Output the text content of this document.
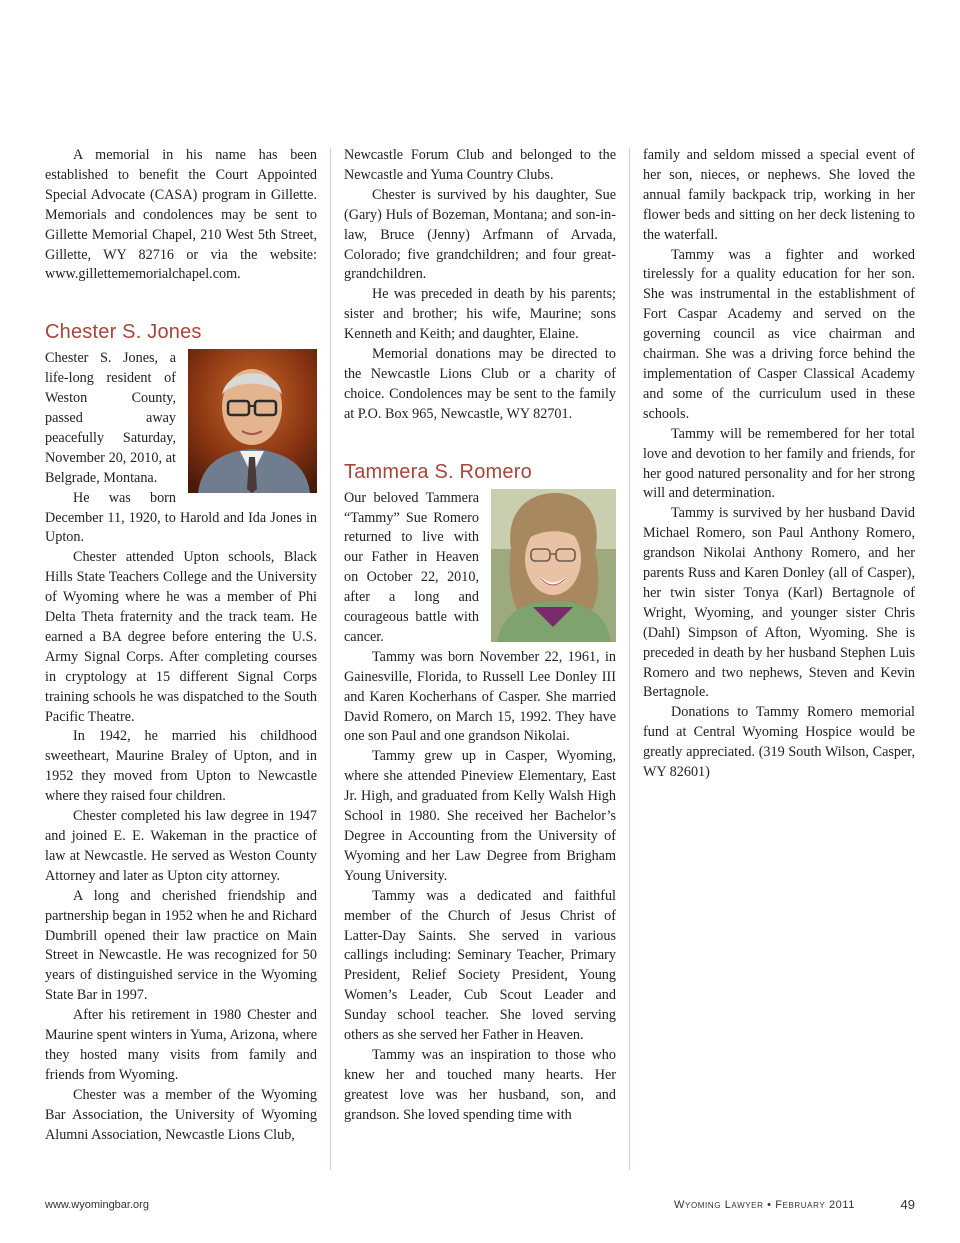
A memorial in his name has been established to benefit the Court Appointed Special Advocate (CASA) program in Gillette. Memorials and condolences may be sent to Gillette Memorial Chapel, 210 West 5th Street, Gillette, WY 82716 or via the website: www.gillettememorialchapel.com.

Chester S. Jones

Chester S. Jones, a life-long resident of Weston County, passed away peacefully Saturday, November 20, 2010, at Belgrade, Montana.

He was born December 11, 1920, to Harold and Ida Jones in Upton.

Chester attended Upton schools, Black Hills State Teachers College and the University of Wyoming where he was a member of Phi Delta Theta fraternity and the track team. He earned a BA degree before entering the U.S. Army Signal Corps. After completing courses in cryptology at 15 different Signal Corps training schools he was dispatched to the South Pacific Theatre.

In 1942, he married his childhood sweetheart, Maurine Braley of Upton, and in 1952 they moved from Upton to Newcastle where they raised four children.

Chester completed his law degree in 1947 and joined E. E. Wakeman in the practice of law at Newcastle. He served as Weston County Attorney and later as Upton city attorney.

A long and cherished friendship and partnership began in 1952 when he and Richard Dumbrill opened their law practice on Main Street in Newcastle. He was recognized for 50 years of distinguished service in the Wyoming State Bar in 1997.

After his retirement in 1980 Chester and Maurine spent winters in Yuma, Arizona, where they hosted many visits from family and friends from Wyoming.

Chester was a member of the Wyoming Bar Association, the University of Wyoming Alumni Association, Newcastle Lions Club,

Newcastle Forum Club and belonged to the Newcastle and Yuma Country Clubs.

Chester is survived by his daughter, Sue (Gary) Huls of Bozeman, Montana; and son-in-law, Bruce (Jenny) Arfmann of Arvada, Colorado; five grandchildren; and four great-grandchildren.

He was preceded in death by his parents; sister and brother; his wife, Maurine; sons Kenneth and Keith; and daughter, Elaine.

Memorial donations may be directed to the Newcastle Lions Club or a charity of choice. Condolences may be sent to the family at P.O. Box 965, Newcastle, WY 82701.

Tammera S. Romero

Our beloved Tammera “Tammy” Sue Romero returned to live with our Father in Heaven on October 22, 2010, after a long and courageous battle with cancer.

Tammy was born November 22, 1961, in Gainesville, Florida, to Russell Lee Donley III and Karen Kocherhans of Casper. She married David Romero, on March 15, 1992. They have one son Paul and one grandson Nikolai.

Tammy grew up in Casper, Wyoming, where she attended Pineview Elementary, East Jr. High, and graduated from Kelly Walsh High School in 1980. She received her Bachelor’s Degree in Accounting from the University of Wyoming and her Law Degree from Brigham Young University.

Tammy was a dedicated and faithful member of the Church of Jesus Christ of Latter-Day Saints. She served in various callings including: Seminary Teacher, Primary President, Relief Society President, Young Women’s Leader, Cub Scout Leader and Sunday school teacher. She loved serving others as she served her Father in Heaven.

Tammy was an inspiration to those who knew her and touched many hearts. Her greatest love was her husband, son, and grandson. She loved spending time with

family and seldom missed a special event of her son, nieces, or nephews. She loved the annual family backpack trip, working in her flower beds and sitting on her deck listening to the waterfall.

Tammy was a fighter and worked tirelessly for a quality education for her son. She was instrumental in the establishment of Fort Caspar Academy and served on the governing council as vice chairman and chairman. She was a driving force behind the implementation of Casper Classical Academy and some of the curriculum used in these schools.

Tammy will be remembered for her total love and devotion to her family and friends, for her good natured personality and for her strong will and determination.

Tammy is survived by her husband David Michael Romero, son Paul Anthony Romero, grandson Nikolai Anthony Romero, and her parents Russ and Karen Donley (all of Casper), her twin sister Tonya (Karl) Bertagnole of Wright, Wyoming, and younger sister Chris (Dahl) Simpson of Afton, Wyoming. She is preceded in death by her husband Stephen Luis Romero and two nephews, Steven and Kevin Bertagnole.

Donations to Tammy Romero memorial fund at Central Wyoming Hospice would be greatly appreciated. (319 South Wilson, Casper, WY 82601)

www.wyomingbar.org	Wyoming Lawyer • February 2011	49
